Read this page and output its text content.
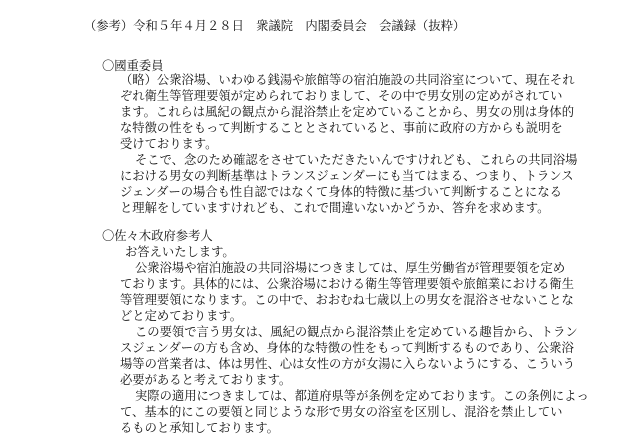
（参考）令和５年４月２８日　衆議院　内閣委員会　会議録（抜粋）
〇國重委員
（略）公衆浴場、いわゆる銭湯や旅館等の宿泊施設の共同浴室について、現在それ
ぞれ衛生等管理要領が定められておりまして、その中で男女別の定めがされてい
ます。これらは風紀の観点から混浴禁止を定めていることから、男女の別は身体的
な特徴の性をもって判断することとされていると、事前に政府の方からも説明を
受けております。
そこで、念のため確認をさせていただきたいんですけれども、これらの共同浴場
における男女の判断基準はトランスジェンダーにも当てはまる、つまり、トランス
ジェンダーの場合も性自認ではなくて身体的特徴に基づいて判断することになる
と理解をしていますけれども、これで間違いないかどうか、答弁を求めます。
〇佐々木政府参考人
お答えいたします。
公衆浴場や宿泊施設の共同浴場につきましては、厚生労働省が管理要領を定め
ております。具体的には、公衆浴場における衛生等管理要領や旅館業における衛生
等管理要領になります。この中で、おおむね七歳以上の男女を混浴させないことな
どと定めております。
この要領で言う男女は、風紀の観点から混浴禁止を定めている趣旨から、トラン
スジェンダーの方も含め、身体的な特徴の性をもって判断するものであり、公衆浴
場等の営業者は、体は男性、心は女性の方が女湯に入らないようにする、こういう
必要があると考えております。
実際の適用につきましては、都道府県等が条例を定めております。この条例によっ
て、基本的にこの要領と同じような形で男女の浴室を区別し、混浴を禁止してい
るものと承知しております。
